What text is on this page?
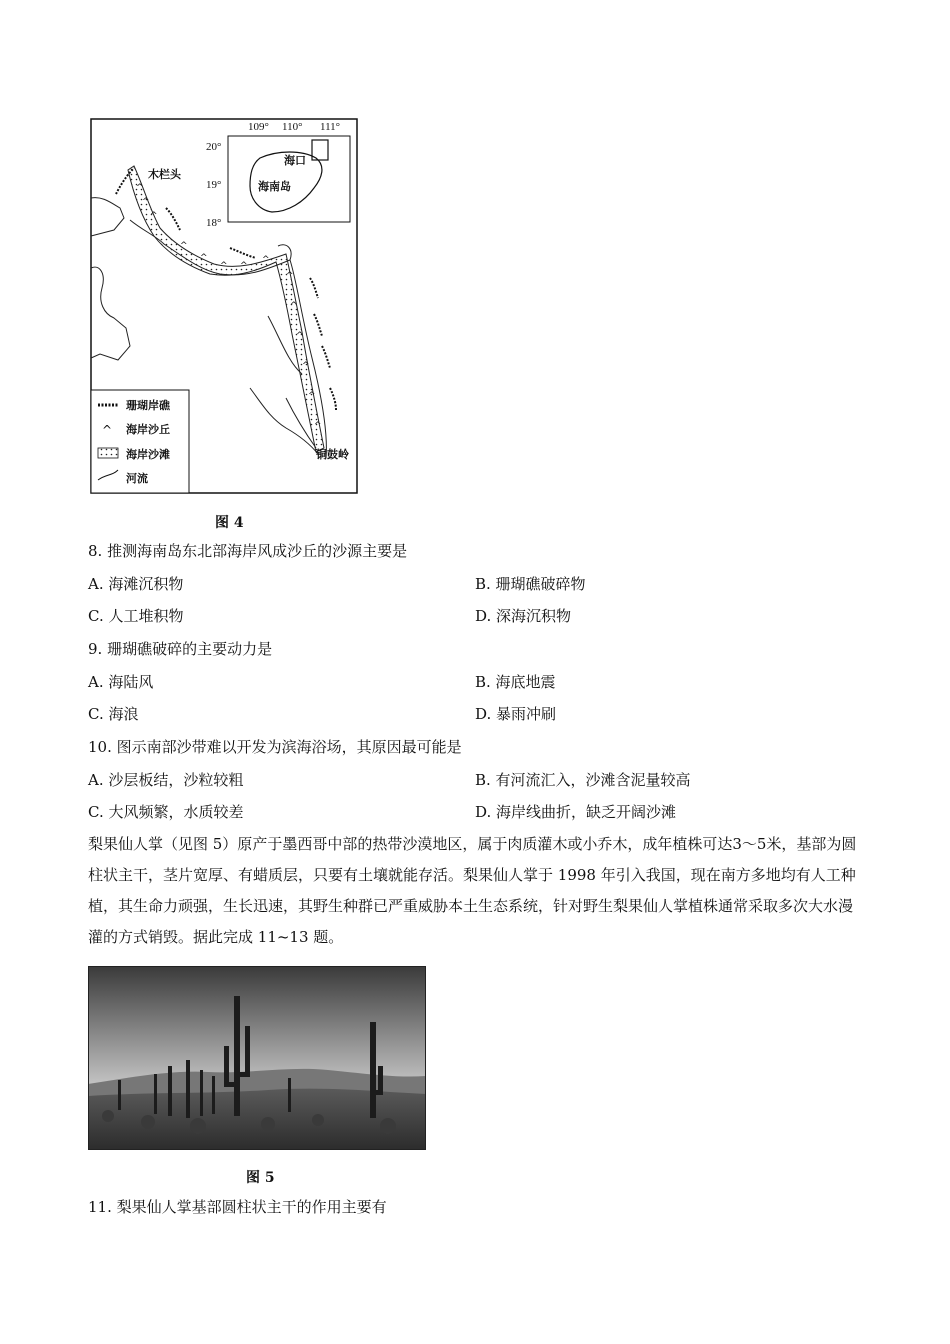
^
^
^
^
^
^ ^
^
^
^
^
^
^
^
109° 110° 111°
20°
19°
18°
海口
海南岛
木栏头
铜鼓岭
^
珊瑚岸礁
海岸沙丘
海岸沙滩
河流
图 4
8. 推测海南岛东北部海岸风成沙丘的沙源主要是
A. 海滩沉积物	B. 珊瑚礁破碎物
C. 人工堆积物	D. 深海沉积物
9. 珊瑚礁破碎的主要动力是
A. 海陆风	B. 海底地震
C. 海浪	D. 暴雨冲刷
10. 图示南部沙带难以开发为滨海浴场，其原因最可能是
A. 沙层板结，沙粒较粗	B. 有河流汇入，沙滩含泥量较高
C. 大风频繁，水质较差	D. 海岸线曲折，缺乏开阔沙滩
梨果仙人掌（见图 5）原产于墨西哥中部的热带沙漠地区，属于肉质灌木或小乔木，成年植株可达3～5米，基部为圆柱状主干，茎片宽厚、有蜡质层，只要有土壤就能存活。梨果仙人掌于 1998 年引入我国，现在南方多地均有人工种植，其生命力顽强，生长迅速，其野生种群已严重威胁本土生态系统，针对野生梨果仙人掌植株通常采取多次大水漫灌的方式销毁。据此完成 11~13 题。
图 5
11. 梨果仙人掌基部圆柱状主干的作用主要有
